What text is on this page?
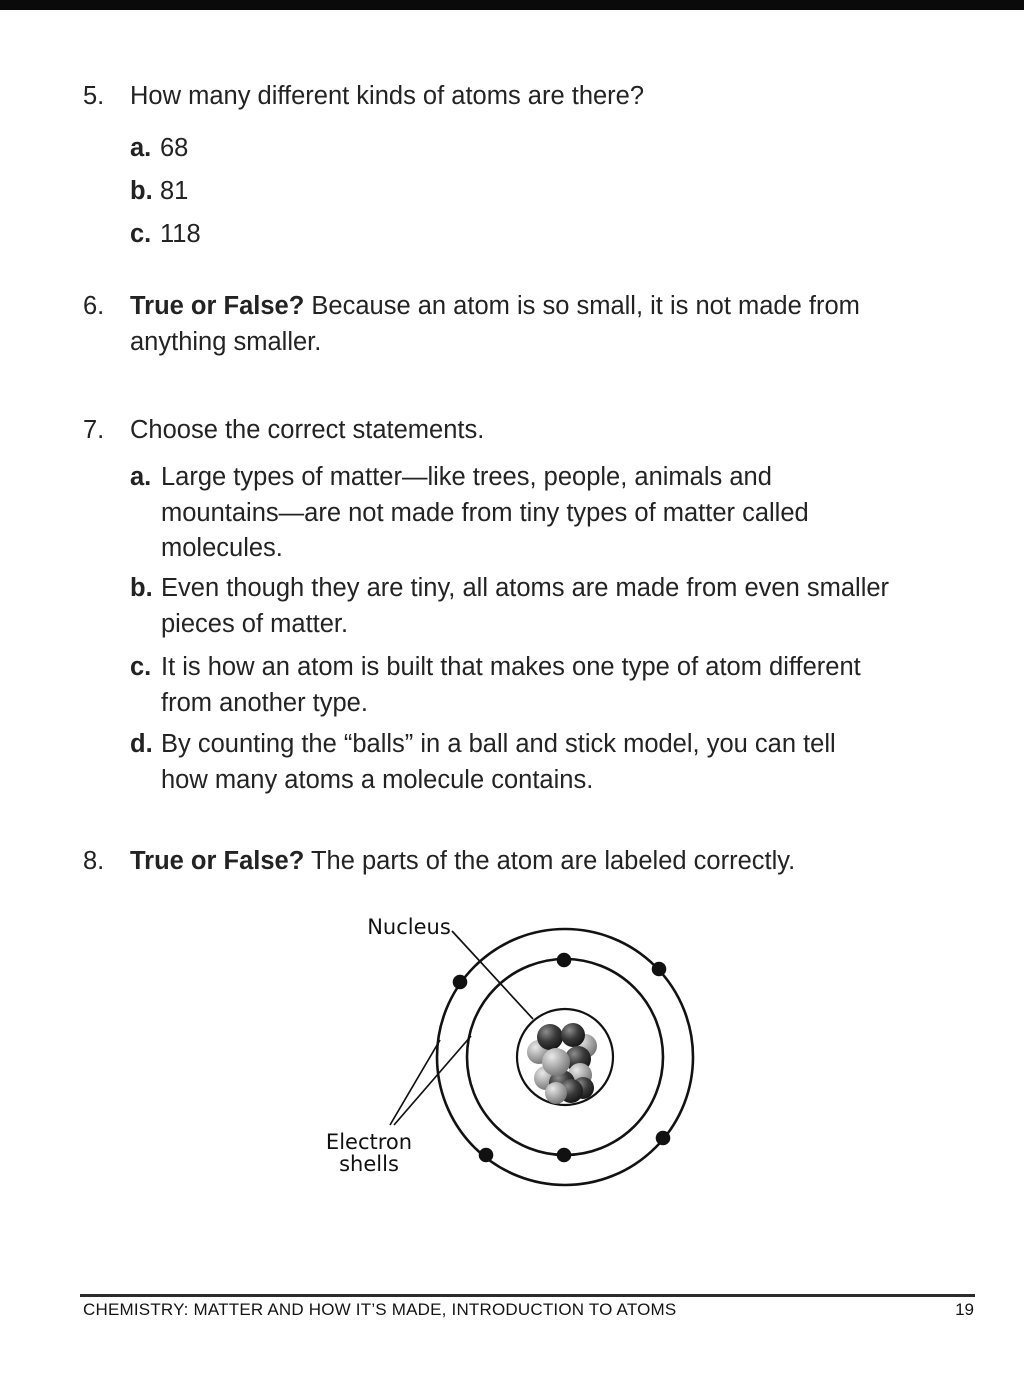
5. How many different kinds of atoms are there?
a. 68
b. 81
c. 118
6. True or False? Because an atom is so small, it is not made from
anything smaller.
7. Choose the correct statements.
a. Large types of matter—like trees, people, animals and
mountains—are not made from tiny types of matter called
molecules.
b. Even though they are tiny, all atoms are made from even smaller
pieces of matter.
c. It is how an atom is built that makes one type of atom different
from another type.
d. By counting the “balls” in a ball and stick model, you can tell
how many atoms a molecule contains.
8. True or False? The parts of the atom are labeled correctly.
Nucleus
Electron
shells
CHEMISTRY: MATTER AND HOW IT’S MADE, INTRODUCTION TO ATOMS	19
